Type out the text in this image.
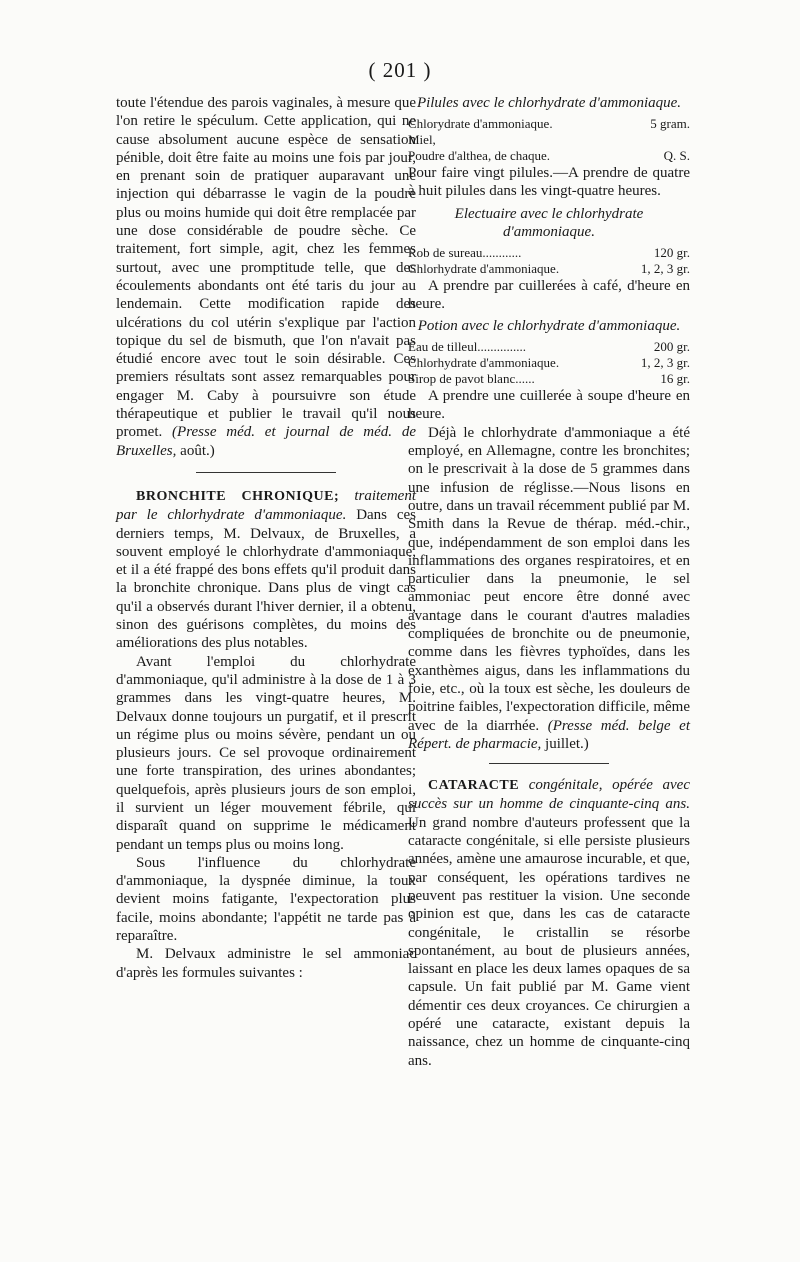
( 201 )

toute l'étendue des parois vaginales, à mesure que l'on retire le spéculum. Cette application, qui ne cause absolument aucune espèce de sensation pénible, doit être faite au moins une fois par jour, en prenant soin de pratiquer auparavant une injection qui débarrasse le vagin de la poudre plus ou moins humide qui doit être remplacée par une dose considérable de poudre sèche. Ce traitement, fort simple, agit, chez les femmes surtout, avec une promptitude telle, que des écoulements abondants ont été taris du jour au lendemain. Cette modification rapide des ulcérations du col utérin s'explique par l'action topique du sel de bismuth, que l'on n'avait pas étudié encore avec tout le soin désirable. Ces premiers résultats sont assez remarquables pour engager M. Caby à poursuivre son étude thérapeutique et publier le travail qu'il nous promet. (Presse méd. et journal de méd. de Bruxelles, août.)

BRONCHITE CHRONIQUE; traitement par le chlorhydrate d'ammoniaque. Dans ces derniers temps, M. Delvaux, de Bruxelles, a souvent employé le chlorhydrate d'ammoniaque, et il a été frappé des bons effets qu'il produit dans la bronchite chronique. Dans plus de vingt cas qu'il a observés durant l'hiver dernier, il a obtenu, sinon des guérisons complètes, du moins des améliorations des plus notables.

Avant l'emploi du chlorhydrate d'ammoniaque, qu'il administre à la dose de 1 à 3 grammes dans les vingt-quatre heures, M. Delvaux donne toujours un purgatif, et il prescrit un régime plus ou moins sévère, pendant un ou plusieurs jours. Ce sel provoque ordinairement une forte transpiration, des urines abondantes; quelquefois, après plusieurs jours de son emploi, il survient un léger mouvement fébrile, qui disparaît quand on supprime le médicament pendant un temps plus ou moins long.

Sous l'influence du chlorhydrate d'ammoniaque, la dyspnée diminue, la toux devient moins fatigante, l'expectoration plus facile, moins abondante; l'appétit ne tarde pas à reparaître.

M. Delvaux administre le sel ammoniac d'après les formules suivantes :

Pilules avec le chlorhydrate d'ammoniaque.
Chlorydrate d'ammoniaque.	5 gram.
Miel,
Poudre d'althea, de chaque.	Q. S.

Pour faire vingt pilules.—A prendre de quatre à huit pilules dans les vingt-quatre heures.

Electuaire avec le chlorhydrate d'ammoniaque.
Rob de sureau............	120 gr.
Chlorhydrate d'ammoniaque.	1, 2, 3 gr.

A prendre par cuillerées à café, d'heure en heure.

Potion avec le chlorhydrate d'ammoniaque.
Eau de tilleul...............	200 gr.
Chlorhydrate d'ammoniaque.	1, 2, 3 gr.
Sirop de pavot blanc......	16 gr.

A prendre une cuillerée à soupe d'heure en heure.

Déjà le chlorhydrate d'ammoniaque a été employé, en Allemagne, contre les bronchites; on le prescrivait à la dose de 5 grammes dans une infusion de réglisse.—Nous lisons en outre, dans un travail récemment publié par M. Smith dans la Revue de thérap. méd.-chir., que, indépendamment de son emploi dans les inflammations des organes respiratoires, et en particulier dans la pneumonie, le sel ammoniac peut encore être donné avec avantage dans le courant d'autres maladies compliquées de bronchite ou de pneumonie, comme dans les fièvres typhoïdes, dans les exanthèmes aigus, dans les inflammations du foie, etc., où la toux est sèche, les douleurs de poitrine faibles, l'expectoration difficile, même avec de la diarrhée. (Presse méd. belge et Répert. de pharmacie, juillet.)

CATARACTE congénitale, opérée avec succès sur un homme de cinquante-cinq ans. Un grand nombre d'auteurs professent que la cataracte congénitale, si elle persiste plusieurs années, amène une amaurose incurable, et que, par conséquent, les opérations tardives ne peuvent pas restituer la vision. Une seconde opinion est que, dans les cas de cataracte congénitale, le cristallin se résorbe spontanément, au bout de plusieurs années, laissant en place les deux lames opaques de sa capsule. Un fait publié par M. Game vient démentir ces deux croyances. Ce chirurgien a opéré une cataracte, existant depuis la naissance, chez un homme de cinquante-cinq ans.
